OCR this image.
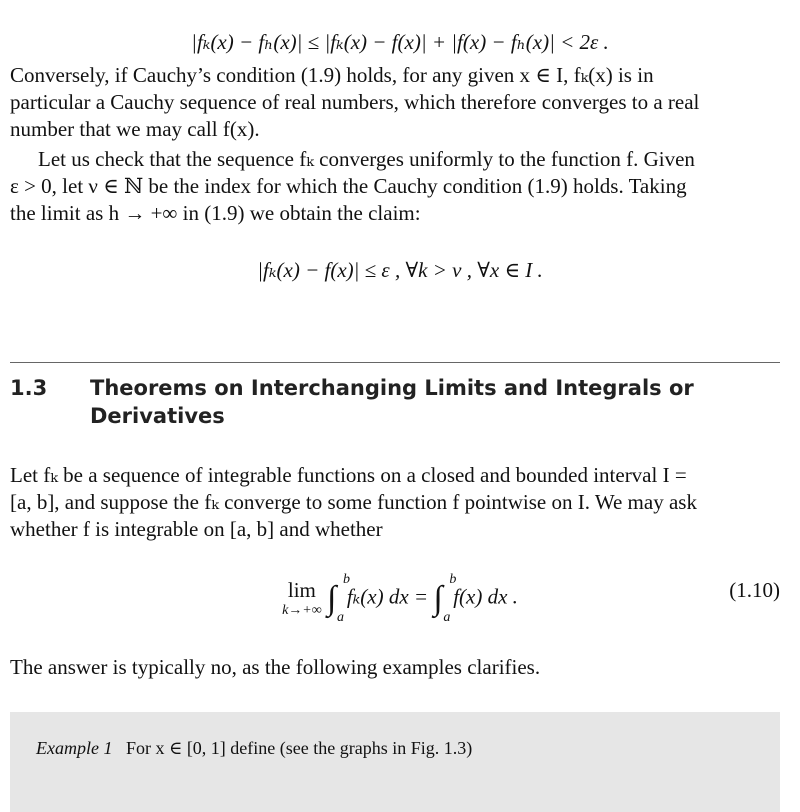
|fₖ(x) − fₕ(x)| ≤ |fₖ(x) − f(x)| + |f(x) − fₕ(x)| < 2ε .
Conversely, if Cauchy’s condition (1.9) holds, for any given x ∈ I, fₖ(x) is in
particular a Cauchy sequence of real numbers, which therefore converges to a real
number that we may call f(x).
Let us check that the sequence fₖ converges uniformly to the function f. Given
ε > 0, let ν ∈ ℕ be the index for which the Cauchy condition (1.9) holds. Taking
the limit as h → +∞ in (1.9) we obtain the claim:
|fₖ(x) − f(x)| ≤ ε , ∀k > ν , ∀x ∈ I .
1.3 Theorems on Interchanging Limits and Integrals or
Derivatives
Let fₖ be a sequence of integrable functions on a closed and bounded interval I =
[a, b], and suppose the fₖ converge to some function f pointwise on I. We may ask
whether f is integrable on [a, b] and whether
lim
k→+∞ ∫
b
a
fₖ(x) dx = ∫
b
a
f(x) dx .	(1.10)
The answer is typically no, as the following examples clarifies.
Example 1 For x ∈ [0, 1] define (see the graphs in Fig. 1.3)
